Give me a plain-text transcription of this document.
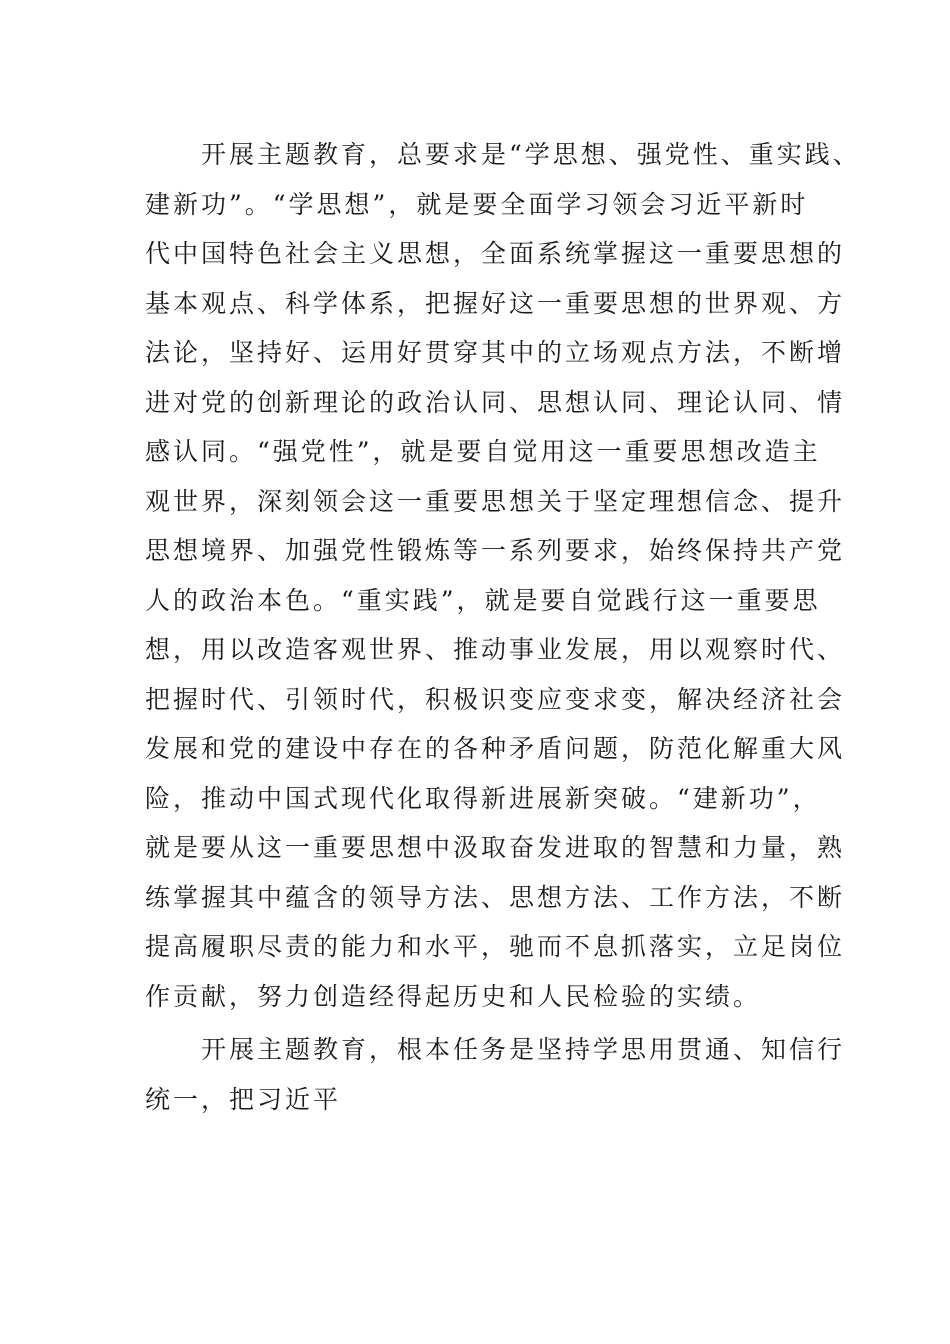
　　开展主题教育，总要求是“学思想、强党性、重实践、
建新功”。“学思想”，就是要全面学习领会习近平新时
代中国特色社会主义思想，全面系统掌握这一重要思想的
基本观点、科学体系，把握好这一重要思想的世界观、方
法论，坚持好、运用好贯穿其中的立场观点方法，不断增
进对党的创新理论的政治认同、思想认同、理论认同、情
感认同。“强党性”，就是要自觉用这一重要思想改造主
观世界，深刻领会这一重要思想关于坚定理想信念、提升
思想境界、加强党性锻炼等一系列要求，始终保持共产党
人的政治本色。“重实践”，就是要自觉践行这一重要思
想，用以改造客观世界、推动事业发展，用以观察时代、
把握时代、引领时代，积极识变应变求变，解决经济社会
发展和党的建设中存在的各种矛盾问题，防范化解重大风
险，推动中国式现代化取得新进展新突破。“建新功”，
就是要从这一重要思想中汲取奋发进取的智慧和力量，熟
练掌握其中蕴含的领导方法、思想方法、工作方法，不断
提高履职尽责的能力和水平，驰而不息抓落实，立足岗位
作贡献，努力创造经得起历史和人民检验的实绩。
　　开展主题教育，根本任务是坚持学思用贯通、知信行
统一，把习近平
